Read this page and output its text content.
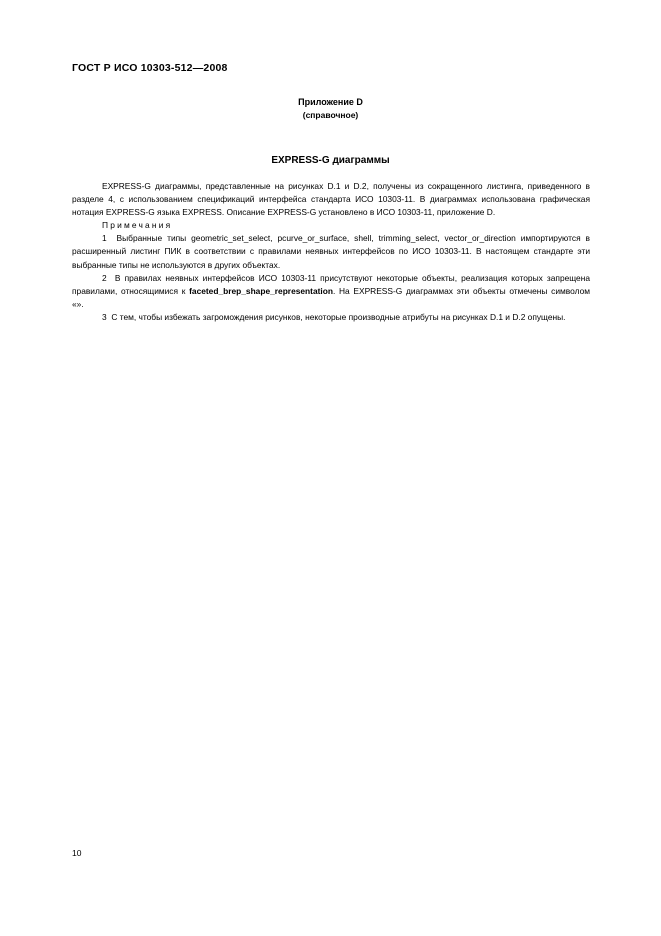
ГОСТ Р ИСО 10303-512—2008
Приложение D
(справочное)
EXPRESS-G диаграммы

EXPRESS-G диаграммы, представленные на рисунках D.1 и D.2, получены из сокращенного листинга, приведенного в разделе 4, с использованием спецификаций интерфейса стандарта ИСО 10303-11. В диаграммах использована графическая нотация EXPRESS-G языка EXPRESS. Описание EXPRESS-G установлено в ИСО 10303-11, приложение D.

Примечания

1 Выбранные типы geometric_set_select, pcurve_or_surface, shell, trimming_select, vector_or_direction импортируются в расширенный листинг ПИК в соответствии с правилами неявных интерфейсов по ИСО 10303-11. В настоящем стандарте эти выбранные типы не используются в других объектах.

2 В правилах неявных интерфейсов ИСО 10303-11 присутствуют некоторые объекты, реализация которых запрещена правилами, относящимися к faceted_brep_shape_representation. На EXPRESS-G диаграммах эти объекты отмечены символом «».

3 С тем, чтобы избежать загромождения рисунков, некоторые производные атрибуты на рисунках D.1 и D.2 опущены.

10
